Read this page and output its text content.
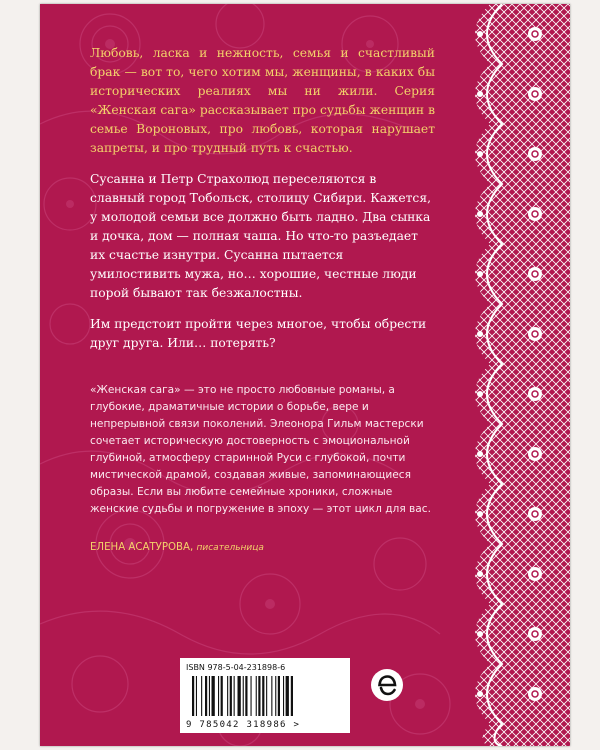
Любовь, ласка и нежность, семья и счастливый брак — вот то, чего хотим мы, женщины, в каких бы исторических реалиях мы ни жили. Серия «Женская сага» рассказывает про судьбы женщин в семье Вороновых, про любовь, которая нарушает запреты, и про трудный путь к счастью.

Сусанна и Петр Страхолюд переселяются в славный город Тобольск, столицу Сибири. Кажется, у молодой семьи все должно быть ладно. Два сынка и дочка, дом — полная чаша. Но что-то разъедает их счастье изнутри. Сусанна пытается умилостивить мужа, но… хорошие, честные люди порой бывают так безжалостны.

Им предстоит пройти через многое, чтобы обрести друг друга. Или… потерять?

«Женская сага» — это не просто любовные романы, а глубокие, драматичные истории о борьбе, вере и непрерывной связи поколений. Элеонора Гильм мастерски сочетает историческую достоверность с эмоциональной глубиной, атмосферу старинной Руси с глубокой, почти мистической драмой, создавая живые, запоминающиеся образы. Если вы любите семейные хроники, сложные женские судьбы и погружение в эпоху — этот цикл для вас.
ЕЛЕНА АСАТУРОВА, писательница
ISBN 978-5-04-231898-6
9 785042 318986 >
